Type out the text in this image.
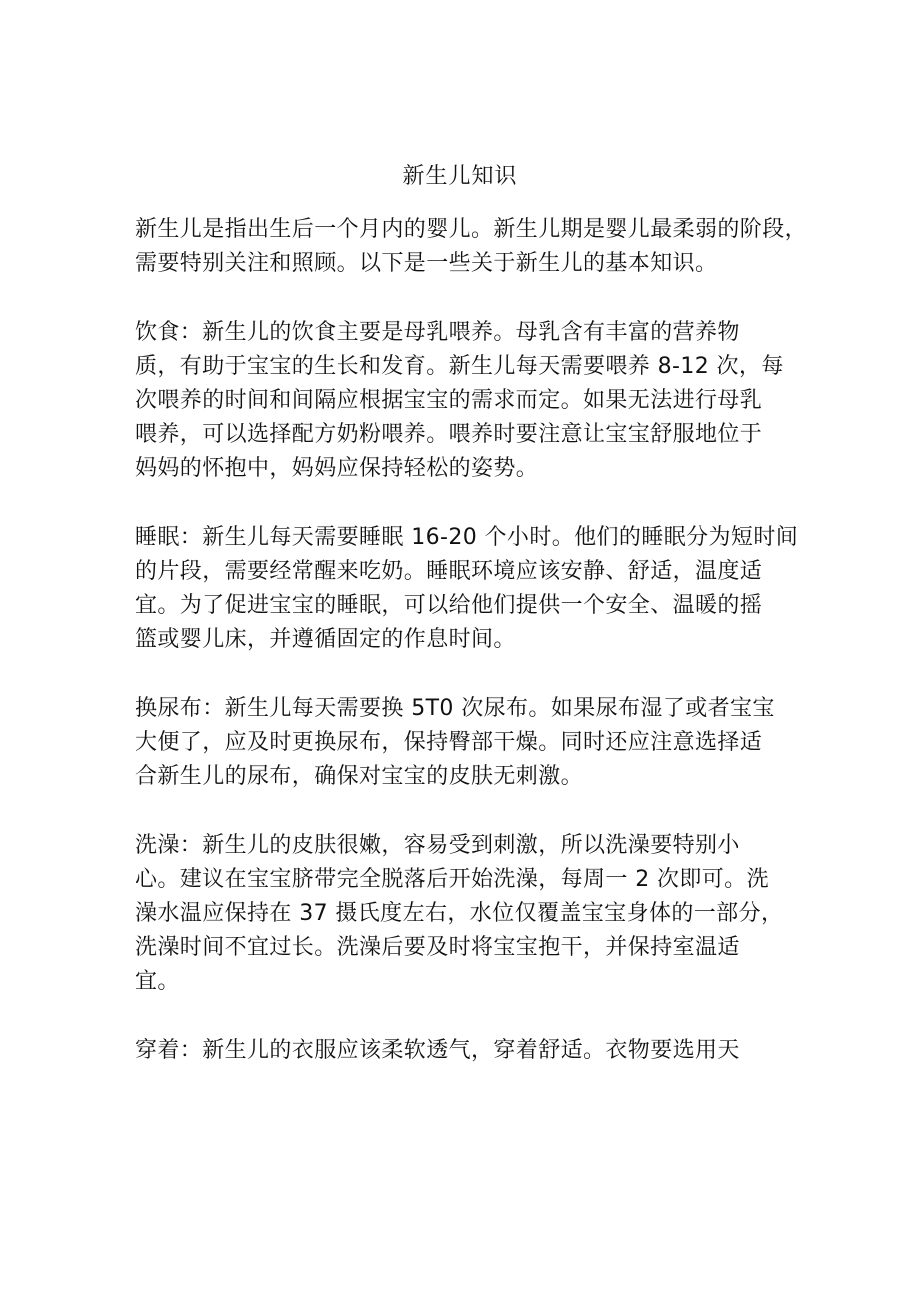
新生儿知识
新生儿是指出生后一个月内的婴儿。新生儿期是婴儿最柔弱的阶段，
需要特别关注和照顾。以下是一些关于新生儿的基本知识。
饮食：新生儿的饮食主要是母乳喂养。母乳含有丰富的营养物
质，有助于宝宝的生长和发育。新生儿每天需要喂养 8-12 次，每
次喂养的时间和间隔应根据宝宝的需求而定。如果无法进行母乳
喂养，可以选择配方奶粉喂养。喂养时要注意让宝宝舒服地位于
妈妈的怀抱中，妈妈应保持轻松的姿势。
睡眠：新生儿每天需要睡眠 16-20 个小时。他们的睡眠分为短时间
的片段，需要经常醒来吃奶。睡眠环境应该安静、舒适，温度适
宜。为了促进宝宝的睡眠，可以给他们提供一个安全、温暖的摇
篮或婴儿床，并遵循固定的作息时间。
换尿布：新生儿每天需要换 5T0 次尿布。如果尿布湿了或者宝宝
大便了，应及时更换尿布，保持臀部干燥。同时还应注意选择适
合新生儿的尿布，确保对宝宝的皮肤无刺激。
洗澡：新生儿的皮肤很嫩，容易受到刺激，所以洗澡要特别小
心。建议在宝宝脐带完全脱落后开始洗澡，每周一 2 次即可。洗
澡水温应保持在 37 摄氏度左右，水位仅覆盖宝宝身体的一部分，
洗澡时间不宜过长。洗澡后要及时将宝宝抱干，并保持室温适
宜。
穿着：新生儿的衣服应该柔软透气，穿着舒适。衣物要选用天
